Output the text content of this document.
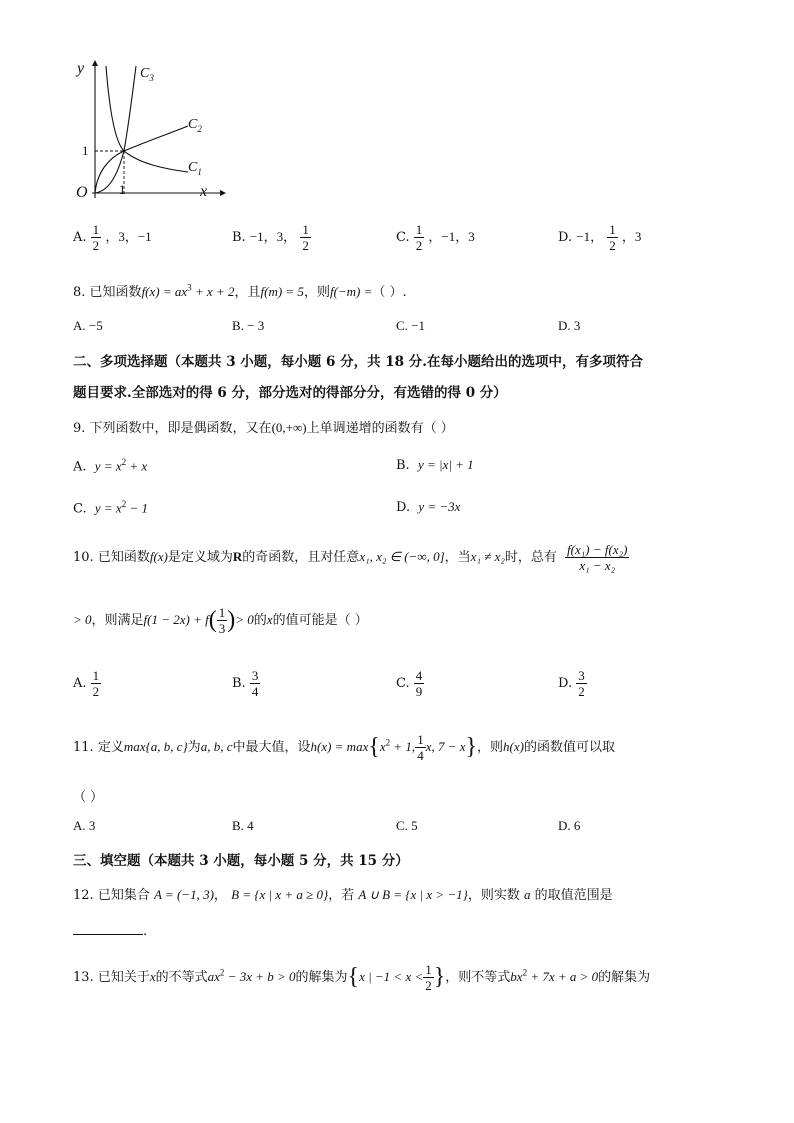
y
x
O 1
1
$C_3$
$C_2$
$C_1$
A. $\frac{1}{2}$ ，3，−1	B. −1，3， $\frac{1}{2}$	C. $\frac{1}{2}$ ，−1，3	D. −1， $\frac{1}{2}$ ，3
8. 已知函数$f(x) = ax^3 + x + 2$，且f(m) = 5，则f(−m) =（ ）.
A. −5	B. − 3	C. −1	D. 3
二、多项选择题（本题共 3 小题，每小题 6 分，共 18 分.在每小题给出的选项中，有多项符合
题目要求.全部选对的得 6 分，部分选对的得部分分，有选错的得 0 分）
9. 下列函数中，即是偶函数，又在(0,+∞)上单调递增的函数有（ ）
A. $y = x^2 + x$	B. y = |x| + 1
C. $y = x^2 - 1$	D. y = −3x
10. 已知函数f(x)是定义域为R的奇函数，且对任意x₁, x₂ ∈ (−∞, 0]，当x₁ ≠ x₂时，总有 $\frac{\text{f(x₁) − f(x₂)}}{\text{x₁ − x₂}}$
> 0，则满足$f(1 - 2x) + f( \frac{1}{3}$ )> 0的x的值可能是（ ）
A. $\frac{1}{2}$	B. $\frac{3}{4}$	C. $\frac{4}{9}$	D. $\frac{3}{2}$
11. 定义max{a, b, c}为a, b, c中最大值，设$h(x) = \max\{x^2 + 1$, $\frac{1}{4} x$, 7 − x}，则h(x)的函数值可以取
（ ）
A. 3	B. 4	C. 5	D. 6
三、填空题（本题共 3 小题，每小题 5 分，共 15 分）
12. 已知集合 A = (−1, 3)， B = {x | x + a ≥ 0}，若 A ∪ B = {x | x > −1}，则实数 a 的取值范围是
.
13. 已知关于x的不等式$ax^2 - 3x + b > 0$的解集为{x | $-1 < x < \frac{1}{2}$ }，则不等式$bx^2 + 7x + a > 0$的解集为
